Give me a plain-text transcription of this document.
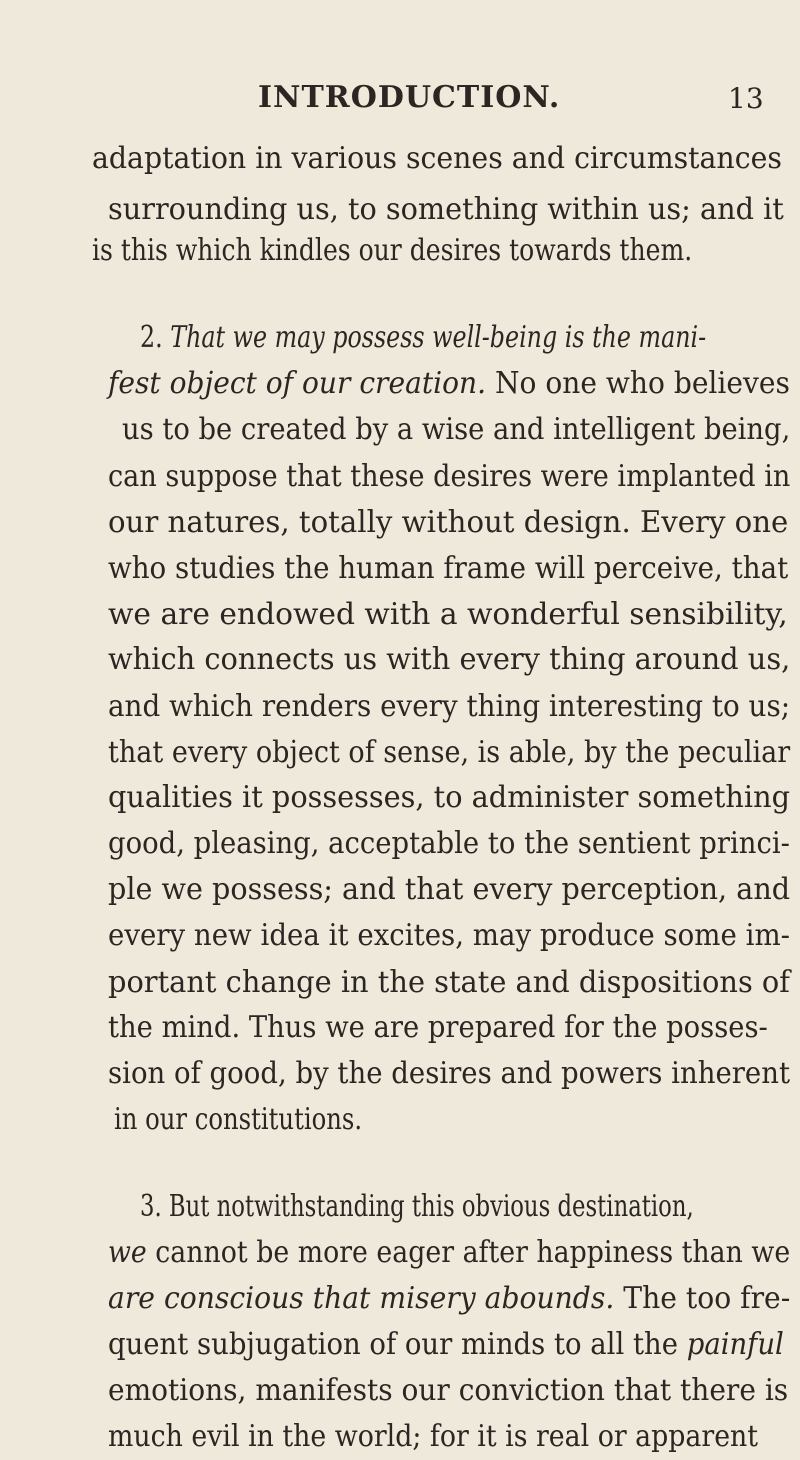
INTRODUCTION.	13
adaptation in various scenes and circumstances
surrounding us, to something within us; and it
is this which kindles our desires towards them.
2. That we may possess well-being is the mani-
fest object of our creation. No one who believes
us to be created by a wise and intelligent being,
can suppose that these desires were implanted in
our natures, totally without design. Every one
who studies the human frame will perceive, that
we are endowed with a wonderful sensibility,
which connects us with every thing around us,
and which renders every thing interesting to us;
that every object of sense, is able, by the peculiar
qualities it possesses, to administer something
good, pleasing, acceptable to the sentient princi-
ple we possess; and that every perception, and
every new idea it excites, may produce some im-
portant change in the state and dispositions of
the mind. Thus we are prepared for the posses-
sion of good, by the desires and powers inherent
in our constitutions.
3. But notwithstanding this obvious destination,
we cannot be more eager after happiness than we
are conscious that misery abounds. The too fre-
quent subjugation of our minds to all the painful
emotions, manifests our conviction that there is
much evil in the world; for it is real or apparent
